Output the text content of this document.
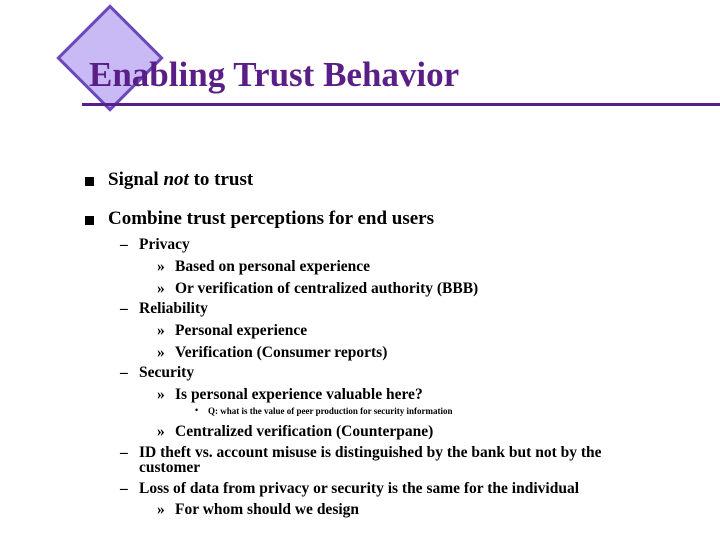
Enabling Trust Behavior
Signal not to trust
Combine trust perceptions for end users
– Privacy
» Based on personal experience
» Or verification of centralized authority (BBB)
– Reliability
» Personal experience
» Verification (Consumer reports)
– Security
» Is personal experience valuable here?
• Q: what is the value of peer production for security information
» Centralized verification (Counterpane)
– ID theft vs. account misuse is distinguished by the bank but not by the
customer
– Loss of data from privacy or security is the same for the individual
» For whom should we design
